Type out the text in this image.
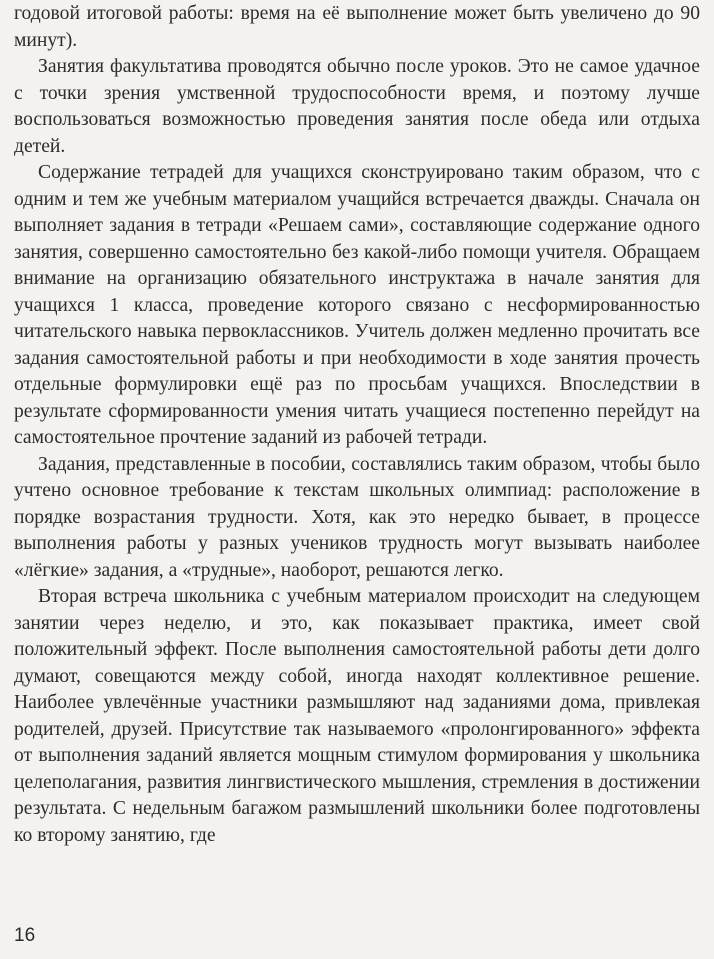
годовой итоговой работы: время на её выполнение может быть увеличено до 90 минут).

Занятия факультатива проводятся обычно после уроков. Это не самое удачное с точки зрения умственной трудоспособности время, и поэтому лучше воспользоваться возможностью проведения занятия после обеда или отдыха детей.

Содержание тетрадей для учащихся сконструировано таким образом, что с одним и тем же учебным материалом учащийся встречается дважды. Сначала он выполняет задания в тетради «Решаем сами», составляющие содержание одного занятия, совершенно самостоятельно без какой-либо помощи учителя. Обращаем внимание на организацию обязательного инструктажа в начале занятия для учащихся 1 класса, проведение которого связано с несформированностью читательского навыка первоклассников. Учитель должен медленно прочитать все задания самостоятельной работы и при необходимости в ходе занятия прочесть отдельные формулировки ещё раз по просьбам учащихся. Впоследствии в результате сформированности умения читать учащиеся постепенно перейдут на самостоятельное прочтение заданий из рабочей тетради.

Задания, представленные в пособии, составлялись таким образом, чтобы было учтено основное требование к текстам школьных олимпиад: расположение в порядке возрастания трудности. Хотя, как это нередко бывает, в процессе выполнения работы у разных учеников трудность могут вызывать наиболее «лёгкие» задания, а «трудные», наоборот, решаются легко.

Вторая встреча школьника с учебным материалом происходит на следующем занятии через неделю, и это, как показывает практика, имеет свой положительный эффект. После выполнения самостоятельной работы дети долго думают, совещаются между собой, иногда находят коллективное решение. Наиболее увлечённые участники размышляют над заданиями дома, привлекая родителей, друзей. Присутствие так называемого «пролонгированного» эффекта от выполнения заданий является мощным стимулом формирования у школьника целеполагания, развития лингвистического мышления, стремления в достижении результата. С недельным багажом размышлений школьники более подготовлены ко второму занятию, где

16
